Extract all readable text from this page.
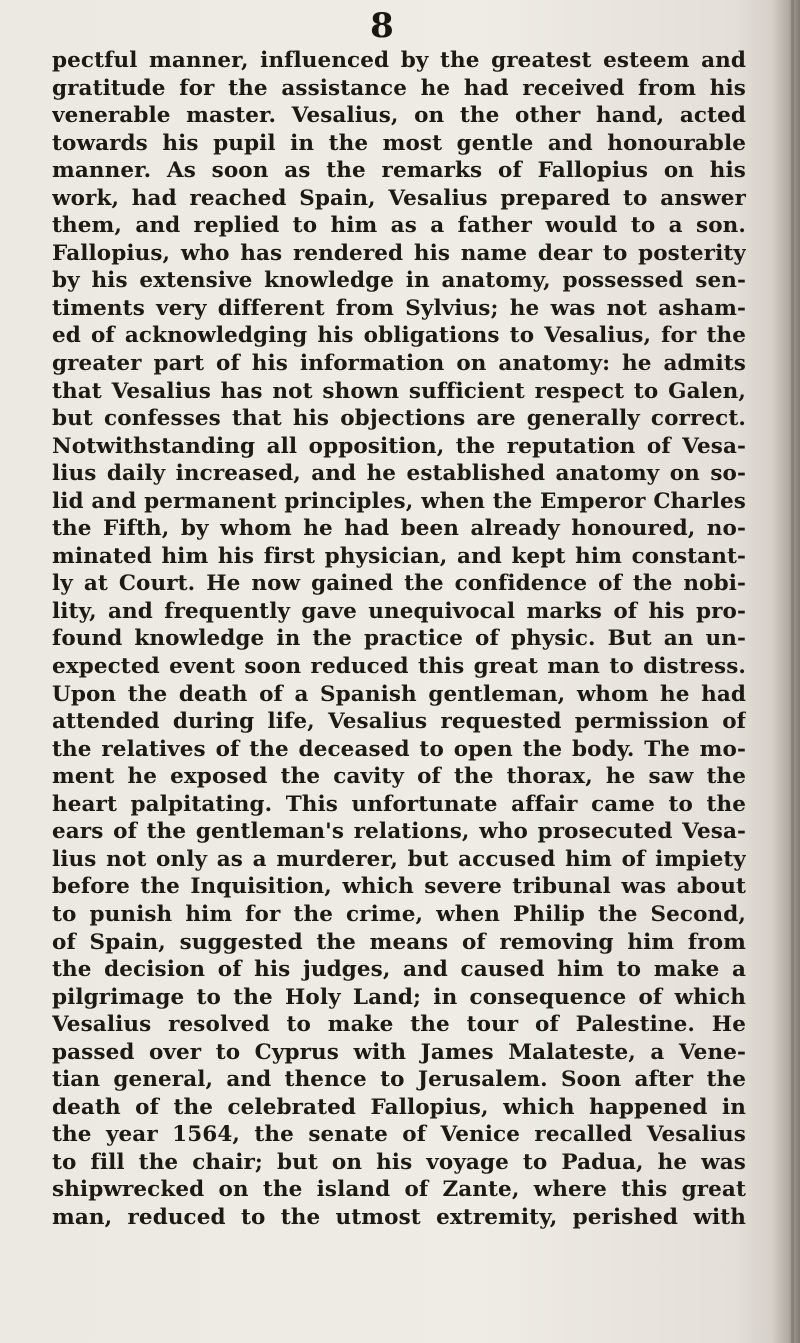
8
pectful manner, influenced by the greatest esteem and
gratitude for the assistance he had received from his
venerable master. Vesalius, on the other hand, acted
towards his pupil in the most gentle and honourable
manner. As soon as the remarks of Fallopius on his
work, had reached Spain, Vesalius prepared to answer
them, and replied to him as a father would to a son.
Fallopius, who has rendered his name dear to posterity
by his extensive knowledge in anatomy, possessed sen-
timents very different from Sylvius; he was not asham-
ed of acknowledging his obligations to Vesalius, for the
greater part of his information on anatomy: he admits
that Vesalius has not shown sufficient respect to Galen,
but confesses that his objections are generally correct.
Notwithstanding all opposition, the reputation of Vesa-
lius daily increased, and he established anatomy on so-
lid and permanent principles, when the Emperor Charles
the Fifth, by whom he had been already honoured, no-
minated him his first physician, and kept him constant-
ly at Court. He now gained the confidence of the nobi-
lity, and frequently gave unequivocal marks of his pro-
found knowledge in the practice of physic. But an un-
expected event soon reduced this great man to distress.
Upon the death of a Spanish gentleman, whom he had
attended during life, Vesalius requested permission of
the relatives of the deceased to open the body. The mo-
ment he exposed the cavity of the thorax, he saw the
heart palpitating. This unfortunate affair came to the
ears of the gentleman's relations, who prosecuted Vesa-
lius not only as a murderer, but accused him of impiety
before the Inquisition, which severe tribunal was about
to punish him for the crime, when Philip the Second,
of Spain, suggested the means of removing him from
the decision of his judges, and caused him to make a
pilgrimage to the Holy Land; in consequence of which
Vesalius resolved to make the tour of Palestine. He
passed over to Cyprus with James Malateste, a Vene-
tian general, and thence to Jerusalem. Soon after the
death of the celebrated Fallopius, which happened in
the year 1564, the senate of Venice recalled Vesalius
to fill the chair; but on his voyage to Padua, he was
shipwrecked on the island of Zante, where this great
man, reduced to the utmost extremity, perished with
